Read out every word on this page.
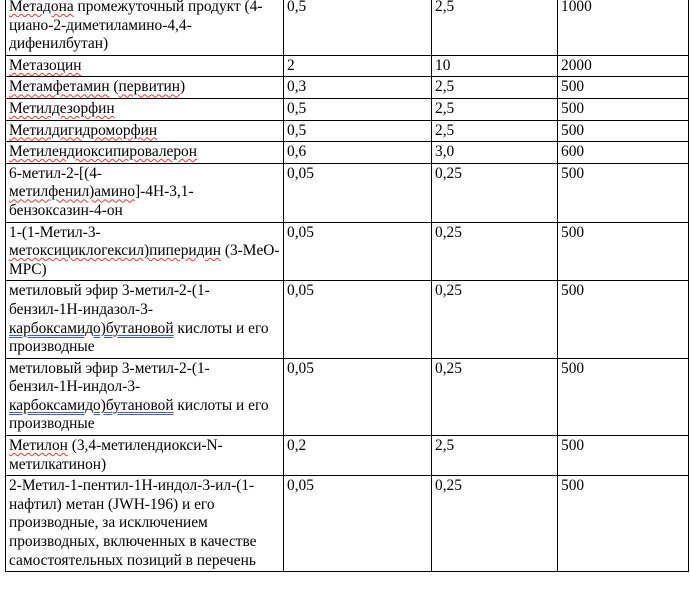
Метадона промежуточный продукт (4-циано-2-диметиламино-4,4-дифенилбутан)	0,5	2,5	1000
Метазоцин	2	10	2000
Метамфетамин (первитин)	0,3	2,5	500
Метилдезорфин	0,5	2,5	500
Метилдигидроморфин	0,5	2,5	500
Метилендиоксипировалерон	0,6	3,0	600
6-метил-2-[(4-метилфенил)амино]-4Н-3,1-бензоксазин-4-он	0,05	0,25	500
1-(1-Метил-3-метоксициклогексил)пиперидин (3-MeO-MPC)	0,05	0,25	500
метиловый эфир 3-метил-2-(1-бензил-1Н-индазол-3-карбоксамидо)бутановой кислоты и его производные	0,05	0,25	500
метиловый эфир 3-метил-2-(1-бензил-1Н-индол-3-карбоксамидо)бутановой кислоты и его производные	0,05	0,25	500
Метилон (3,4-метилендиокси-N-метилкатинон)	0,2	2,5	500
2-Метил-1-пентил-1Н-индол-3-ил-(1-нафтил) метан (JWH-196) и его производные, за исключением производных, включенных в качестве самостоятельных позиций в перечень	0,05	0,25	500
